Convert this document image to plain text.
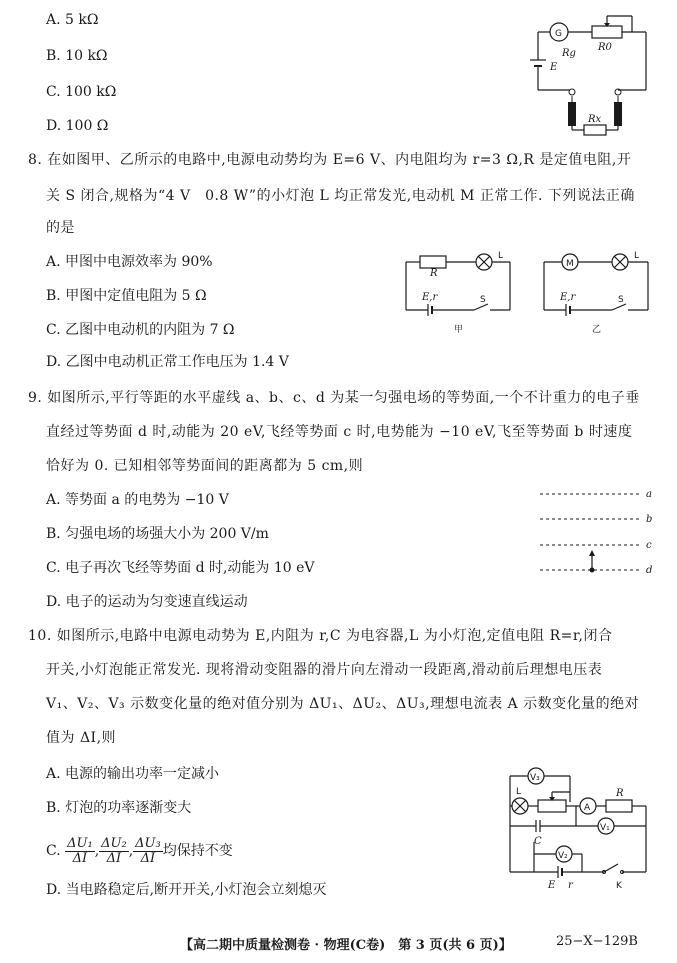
A. 5 kΩ
B. 10 kΩ
C. 100 kΩ
D. 100 Ω
G
Rg
R0
E
Rx
8. 在如图甲、乙所示的电路中,电源电动势均为 E=6 V、内电阻均为 r=3 Ω,R 是定值电阻,开
关 S 闭合,规格为“4 V　0.8 W”的小灯泡 L 均正常发光,电动机 M 正常工作. 下列说法正确
的是
A. 甲图中电源效率为 90%
B. 甲图中定值电阻为 5 Ω
C. 乙图中电动机的内阻为 7 Ω
D. 乙图中电动机正常工作电压为 1.4 V
R
L
E,r	S
甲
M
L
E,r	S
乙
9. 如图所示,平行等距的水平虚线 a、b、c、d 为某一匀强电场的等势面,一个不计重力的电子垂
直经过等势面 d 时,动能为 20 eV,飞经等势面 c 时,电势能为 −10 eV,飞至等势面 b 时速度
恰好为 0. 已知相邻等势面间的距离都为 5 cm,则
A. 等势面 a 的电势为 −10 V
B. 匀强电场的场强大小为 200 V/m
C. 电子再次飞经等势面 d 时,动能为 10 eV
D. 电子的运动为匀变速直线运动
a
b
c
d
10. 如图所示,电路中电源电动势为 E,内阻为 r,C 为电容器,L 为小灯泡,定值电阻 R=r,闭合
开关,小灯泡能正常发光. 现将滑动变阻器的滑片向左滑动一段距离,滑动前后理想电压表
V₁、V₂、V₃ 示数变化量的绝对值分别为 ΔU₁、ΔU₂、ΔU₃,理想电流表 A 示数变化量的绝对
值为 ΔI,则
A. 电源的输出功率一定减小
B. 灯泡的功率逐渐变大
C. $\frac{\text{ΔU₁}}{\Delta I}$ , $\frac{\text{ΔU₂}}{\Delta I}$ , $\frac{\text{ΔU₃}}{\Delta I}$ 均保持不变
D. 当电路稳定后,断开开关,小灯泡会立刻熄灭
V₃
L
A
R
C
V₁
V₂
E r	K
【高二期中质量检测卷 · 物理(C卷)　第 3 页(共 6 页)】	25−X−129B
